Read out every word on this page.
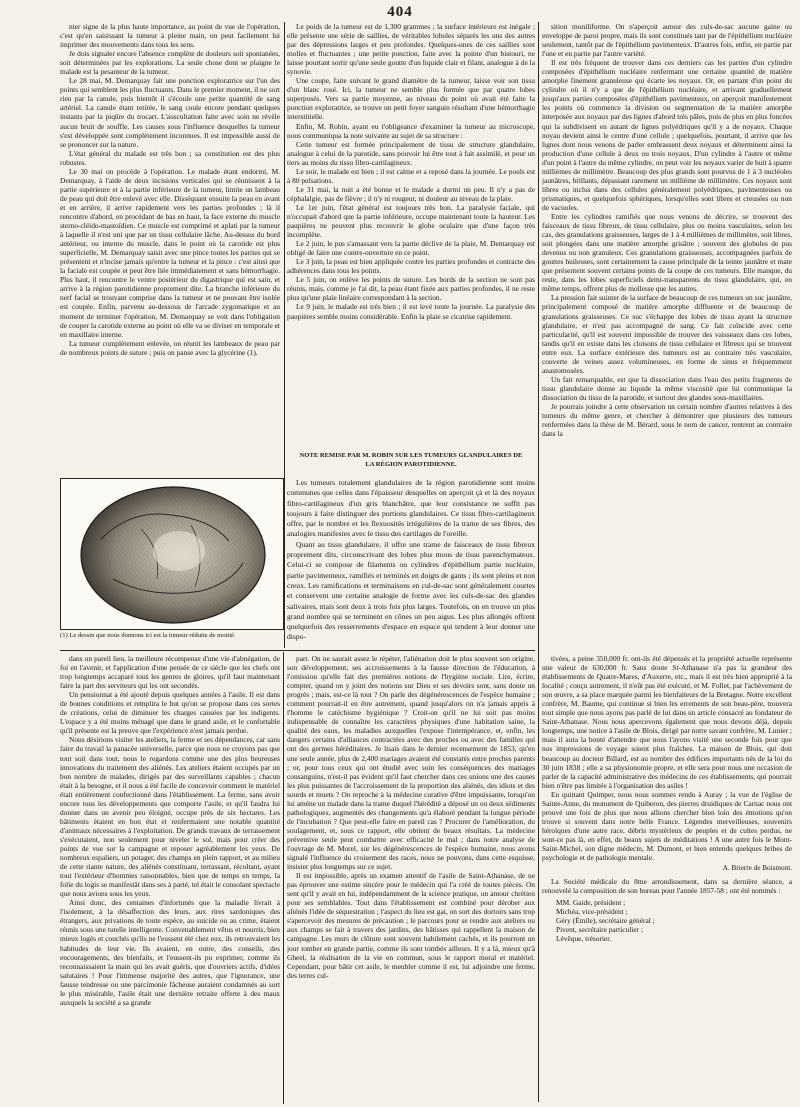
404

nier signe de la plus haute importance, au point de vue de l'opération, c'est qu'en saisissant la tumeur à pleine main, on peut facilement lui imprimer des mouvements dans tous les sens.

Je dois signaler encore l'absence complète de douleurs soit spontanées, soit déterminées par les explorations. La seule chose dont se plaigne le malade est la pesanteur de la tumeur.

Le 28 mai, M. Demarquay fait une ponction exploratrice sur l'un des points qui semblent les plus fluctuants. Dans le premier moment, il ne sort rien par la canule, puis bientôt il s'écoule une petite quantité de sang artériel. La canule étant retirée, le sang coule encore pendant quelques instants par la piqûre du trocart. L'auscultation faite avec soin ne révèle aucun bruit de souffle. Les causes sous l'influence desquelles la tumeur s'est développée sont complètement inconnues. Il est impossible aussi de se prononcer sur la nature.

L'état général du malade est très bon ; sa constitution est des plus robustes.

Le 30 mai on procède à l'opération. Le malade étant endormi, M. Demarquay, à l'aide de deux incisions verticales qui se réunissent à la partie supérieure et à la partie inférieure de la tumeur, limite un lambeau de peau qui doit être enlevé avec elle. Disséquant ensuite la peau en avant et en arrière, il arrive rapidement vers les parties profondes ; là il rencontre d'abord, en procédant de bas en haut, la face externe du muscle sterno-cléido-mastoïdien. Ce muscle est comprimé et aplati par la tumeur à laquelle il n'est uni que par un tissu cellulaire lâche. Au-dessus du bord antérieur, ou interne du muscle, dans le point où la carotide est plus superficielle, M. Demarquay saisit avec une pince toutes les parties qui se présentent et n'incise jamais qu'entre la tumeur et la pince : c'est ainsi que la faciale est coupée et peut être liée immédiatement et sans hémorrhagie. Plus haut, il rencontre le ventre postérieur du digastrique qui est sain, et arrive à la région parotidienne proprement dite. La branche inférieure du nerf facial se trouvant comprise dans la tumeur et ne pouvant être isolée est coupée. Enfin, parvenu au-dessous de l'arcade zygomatique et au moment de terminer l'opération, M. Demarquay se voit dans l'obligation de couper la carotide externe au point où elle va se diviser en temporale et en maxillaire interne.

La tumeur complètement enlevée, on réunit les lambeaux de peau par de nombreux points de suture ; puis on panse avec la glycérine (1).

(1) Le dessin que nous donnons ici est la tumeur réduite de moitié.

Le poids de la tumeur est de 1,300 grammes ; la surface intérieure est inégale ; elle présente une série de saillies, de véritables lobules séparés les uns des autres par des dépressions larges et peu profondes. Quelques-unes de ces saillies sont molles et fluctuantes ; une petite ponction, faite avec la pointe d'un bistouri, ne laisse pourtant sortir qu'une seule goutte d'un liquide clair et filant, analogue à de la synovie.

Une coupe, faite suivant le grand diamètre de la tumeur, laisse voir son tissu d'un blanc rosé. Ici, la tumeur ne semble plus formée que par quatre lobes superposés. Vers sa partie moyenne, au niveau du point où avait été faite la ponction exploratrice, se trouve un petit foyer sanguin résultant d'une hémorrhagie interstitielle.

Enfin, M. Robin, ayant eu l'obligeance d'examiner la tumeur au microscope, nous communiqua la note suivante au sujet de sa structure :

Cette tumeur est formée principalement de tissu de structure glandulaire, analogue à celui de la parotide, sans pouvoir lui être tout à fait assimilé, et pour un tiers au moins du tissu fibro-cartilagineux.

Le soir, le malade est bien ; il est calme et a reposé dans la journée. Le pouls est à 80 pulsations.

Le 31 mai, la nuit a été bonne et le malade a dormi un peu. Il n'y a pas de céphalalgie, pas de fièvre ; il n'y ni rougeur, ni douleur au niveau de la plaie.

Le 1er juin, l'état général est toujours très bon. La paralysie faciale, qui n'occupait d'abord que la partie inférieure, occupe maintenant toute la hauteur. Les paupières ne peuvent plus recouvrir le globe oculaire que d'une façon très incomplète.

Le 2 juin, le pus s'amassant vers la partie déclive de la plaie, M. Demarquay est obligé de faire une contre-ouverture en ce point.

Le 3 juin, la peau est bien appliquée contre les parties profondes et contracte des adhérences dans tous les points.

Le 5 juin, on enlève les points de suture. Les bords de la section ne sont pas réunis, mais, comme je l'ai dit, la peau étant fixée aux parties profondes, il ne reste plus qu'une plaie linéaire correspondant à la section.

Le 9 juin, le malade est très bien ; il est levé toute la journée. La paralysie des paupières semble moins considérable. Enfin la plaie se cicatrise rapidement.

NOTE REMISE PAR M. ROBIN SUR LES TUMEURS GLANDULAIRES DE
LA RÉGION PAROTIDIENNE.

Les tumeurs totalement glandulaires de la région parotidienne sont moins communes que celles dans l'épaisseur desquelles on aperçoit çà et là des noyaux fibro-cartilagineux d'un gris blanchâtre, que leur consistance ne suffit pas toujours à faire distinguer des portions glandulaires. Ce tissu fibro-cartilagineux offre, par le nombre et les flexuosités irrégulières de la trame de ses fibres, des analogies manifestes avec le tissu des cartilages de l'oreille.

Quant au tissu glandulaire, il offre une trame de faisceaux de tissu fibreux proprement dits, circonscrivant des lobes plus mous de tissu parenchymateux. Celui-ci se compose de filaments ou cylindres d'épithélium partie nucléaire, partie pavimenteux, ramifiés et terminés en doigts de gants ; ils sont pleins et non creux. Les ramifications et terminaisons en cul-de-sac sont généralement courtes et conservent une certaine analogie de forme avec les culs-de-sac des glandes salivaires, mais sont deux à trois fois plus larges. Toutefois, on en trouve un plus grand nombre qui se terminent en cônes un peu aigus. Les plus allongés offrent quelquefois des resserrements d'espace en espace qui tendent à leur donner une dispo-

sition moniliforme. On n'aperçoit autour des culs-de-sac aucune gaine ou enveloppe de paroi propre, mais ils sont constitués tant par de l'épithélium nucléaire seulement, tantôt par de l'épithélium pavimenteux. D'autres fois, enfin, en partie par l'une et en partie par l'autre variété.

Il est très fréquent de trouver dans ces derniers cas les parties d'un cylindre composées d'épithélium nucléaire renfermant une certaine quantité de matière amorphe finement granuleuse qui écarte les noyaux. Or, en partant d'un point du cylindre où il n'y a que de l'épithélium nucléaire, et arrivant graduellement jusqu'aux parties composées d'épithélium pavimenteux, on aperçoit manifestement les points où commence la division ou segmentation de la matière amorphe interposée aux noyaux par des lignes d'abord très pâles, puis de plus en plus foncées qui la subdivisent en autant de lignes polyédriques qu'il y a de noyaux. Chaque noyau devient ainsi le centre d'une cellule ; quelquefois, pourtant, il arrive que les lignes dont nous venons de parler embrassent deux noyaux et déterminent ainsi la production d'une cellule à deux ou trois noyaux. D'un cylindre à l'autre et même d'un point à l'autre du même cylindre, on peut voir les noyaux varier de huit à quatre millièmes de millimètre. Beaucoup des plus grands sont pourvus de 1 à 3 nucléoles jaunâtres, brillants, dépassant rarement un millième de millimètre. Ces noyaux sont libres ou inclus dans des cellules généralement polyédriques, pavimenteuses ou prismatiques, et quelquefois sphériques, lorsqu'elles sont libres et creusées ou non de vacuoles.

Entre les cylindres ramifiés que nous venons de décrire, se trouvent des faisceaux de tissu fibreux, de tissu cellulaire, plus ou moins vasculaires, selon les cas, des granulations graisseuses, larges de 1 à 4 millièmes de millimètre, soit libres, soit plongées dans une matière amorphe grisâtre ; souvent des globules de pus devenus ou non granuleux. Ces granulations graisseuses, accompagnées parfois de gouttes huileuses, sont certainement la cause principale de la teinte jaunâtre et mate que présentent souvent certains points de la coupe de ces tumeurs. Elle manque, du reste, dans les lobes superficiels demi-transparents du tissu glandulaire, qui, en même temps, offrent plus de mollesse que les autres.

La pression fait suinter de la surface de beaucoup de ces tumeurs un suc jaunâtre, principalement composé de matière amorphe diffluente et de beaucoup de granulations graisseuses. Ce suc s'échappe des lobes de tissu ayant la structure glandulaire, et n'est pas accompagné de sang. Ce fait coïncide avec cette particularité, qu'il est souvent impossible de trouver des vaisseaux dans ces lobes, tandis qu'il en existe dans les cloisons de tissu cellulaire et fibreux qui se trouvent entre eux. La surface extérieure des tumeurs est au contraire très vasculaire, couverte de veines assez volumineuses, en forme de sinus et fréquemment anastomosées.

Un fait remarquable, est que la dissociation dans l'eau des petits fragments de tissu glandulaire donne au liquide la même viscosité que lui communique la dissociation du tissu de la parotide, et surtout des glandes sous-maxillaires.

Je pourrais joindre à cette observation un certain nombre d'autres relatives à des tumeurs du même genre, et chercher à démontrer que plusieurs des tumeurs renfermées dans la thèse de M. Bérard, sous le nom de cancer, rentrent au contraire dans la

dans un pareil lieu, la meilleure récompense d'une vie d'abnégation, de foi en l'avenir, et l'application d'une pensée de ce siècle que les chefs ont trop longtemps accaparé tous les genres de gloires, qu'il faut maintenant faire la part des serviteurs qui les ont secondés.

Un pensionnat a été ajouté depuis quelques années à l'asile. Il est dans de bonnes conditions et remplira le but qu'on se propose dans ces sortes de créations, celui de diminuer les charges causées par les indigents. L'espace y a été moins ménagé que dans le grand asile, et le confortable qu'il présente est la preuve que l'expérience n'est jamais perdue.

Nous désirions visiter les ateliers, la ferme et ses dépendances, car sans faire du travail la panacée universelle, parce que nous ne croyons pas que tout soit dans tout, nous le regardons comme une des plus heureuses innovations du traitement des aliénés. Les ateliers étaient occupés par un bon nombre de malades, dirigés par des surveillants capables ; chacun était à la besogne, et il nous a été facile de concevoir comment le matériel était entièrement confectionné dans l'établissement. La ferme, sans avoir encore tous les développements que comporte l'asile, et qu'il faudra lui donner dans un avenir peu éloigné, occupe près de six hectares. Les bâtiments étaient en bon état et renfermaient une notable quantité d'animaux nécessaires à l'exploitation. De grands travaux de terrassement s'exécutaient, non seulement pour niveler le sol, mais pour créer des points de vue sur la campagne et reposer agréablement les yeux. De nombreux espaliers, un potager, des champs en plein rapport, et au milieu de cette riante nature, des aliénés constituant, terrassant, récoltant, ayant tout l'extérieur d'hommes raisonnables, bien que de temps en temps, la folie du logis se manifestât dans ses à parté, tel était le consolant spectacle que nous avions sous les yeux.

Ainsi donc, des centaines d'infortunés que la maladie livrait à l'isolement, à la désaffection des leurs, aux rires sardoniques des étrangers, aux privations de toute espèce, au suicide ou au crime, étaient réunis sous une tutelle intelligente. Convenablement vêtus et nourris, bien mieux logés et couchés qu'ils ne l'eussent été chez eux, ils retrouvaient les habitudes de leur vie. Ils avaient, en outre, des conseils, des encouragements, des bienfaits, et l'eussent-ils pu exprimer, comme ils reconnaissaient la main qui les avait guéris, que d'ouvriers actifs, d'idées salutaires ! Pour l'immense majorité des autres, que l'ignorance, une fausse tendresse ou une parcimonie fâcheuse auraient condamnés au sort le plus misérable, l'asile était une dernière retraite offerte à des maux auxquels la société a sa grande

part. On ne saurait assez le répéter, l'aliénation doit le plus souvent son origine, son développement, ses accroissements à la fausse direction de l'éducation, à l'omission qu'elle fait des premières notions de l'hygiène sociale. Lire, écrire, compter, quand on y joint des notions sur Dieu et ses devoirs sont, sans doute un progrès ; mais, est-ce là tout ? On parle des dégénérescences de l'espèce humaine ; comment pourrait-il en être autrement, quand jusqu'alors on n'a jamais appris à l'homme le catéchisme hygiénique ? Croit-on qu'il ne lui soit pas moins indispensable de connaître les caractères physiques d'une habitation saine, la qualité des eaux, les maladies auxquelles l'expose l'intempérance, et, enfin, les dangers certains d'alliances contractées avec des proches ou avec des familles qui ont des germes héréditaires. Je lisais dans le dernier recensement de 1853, qu'en une seule année, plus de 2,400 mariages avaient été constatés entre proches parents ; or, pour tous ceux qui ont étudié avec soin les conséquences des mariages consanguins, n'est-il pas évident qu'il faut chercher dans ces unions une des causes les plus puissantes de l'accroissement de la proportion des aliénés, des idiots et des sourds et muets ? On reproche à la médecine curative d'être impuissante, lorsqu'on lui amène un malade dans la trame duquel l'hérédité a déposé un ou deux sédiments pathologiques, augmentés des changements qu'a élaboré pendant la longue période de l'incubation ? Que peut-elle faire en pareil cas ? Procurer de l'amélioration, du soulagement, et, sous ce rapport, elle obtient de beaux résultats. La médecine préventive seule peut combattre avec efficacité le mal ; dans notre analyse de l'ouvrage de M. Morel, sur les dégénérescences de l'espèce humaine, nous avons signalé l'influence du croisement des races, nous ne pouvons, dans cette esquisse, insister plus longtemps sur ce sujet.

Il est impossible, après un examen attentif de l'asile de Saint-Athanase, de ne pas éprouver une estime sincère pour le médecin qui l'a créé de toutes pièces. On sent qu'il y avait en lui, indépendamment de la science pratique, un amour chrétien pour ses semblables. Tout dans l'établissement est combiné pour dérober aux aliénés l'idée de séquestration ; l'aspect du lieu est gai, on sort des dortoirs sans trop s'apercevoir des mesures de précaution ; le parcours pour se rendre aux ateliers ou aux champs se fait à travers des jardins, des bâtisses qui rappellent la maison de campagne. Les murs de clôture sont souvent habilement cachés, et ils pourront un jour tomber en grande partie, comme ils sont tombés ailleurs. Il y a là, mieux qu'à Gheel, la réalisation de la vie en commun, sous le rapport moral et matériel. Cependant, pour bâtir cet asile, le meubler comme il est, lui adjoindre une ferme, des terres cul-

tivées, a peine 350,000 fr. ont-ils été dépensés et la propriété actuelle représente une valeur de 630,000 fr. Sans doute St-Athanase n'a pas la grandeur des établissements de Quatre-Mares, d'Auxerre, etc., mais il est très bien approprié à la localité ; conçu autrement, il n'eût pas été exécuté, et M. Follet, par l'achèvement de son œuvre, a sa place marquée parmi les bienfaiteurs de la Bretagne. Notre excellent confrère, M. Baume, qui continue si bien les errements de son beau-père, trouvera tout simple que nous ayons pas parlé de lui dans un article consacré au fondateur de Saint-Athanase. Nous nous apercevons également que nous devons déjà, depuis longtemps, une notice à l'asile de Blois, dirigé par notre savant confrère, M. Lunier ; mais il aura la bonté d'attendre que nous l'ayons visité une seconde fois pour que nos impressions de voyage soient plus fraîches. La maison de Blois, qui doit beaucoup au docteur Billard, est au nombre des édifices importants nés de la loi du 30 juin 1838 ; elle a sa physionomie propre, et elle sera pour nous une occasion de parler de la capacité administrative des médecins de ces établissements, qui pourrait bien n'être pas limitée à l'organisation des asiles !

En quittant Quimper, nous nous sommes rendu à Auray ; la vue de l'église de Sainte-Anne, du monument de Quiberon, des pierres druidiques de Carnac nous ont prouvé une fois de plus que nous allions chercher bien loin des émotions qu'on trouve si souvent dans notre belle France. Légendes merveilleuses, souvenirs héroïques d'une autre race, débris mystérieux de peuples et de cultes perdus, ne sont-ce pas là, en effet, de beaux sujets de méditations ! A une autre fois le Mont-Saint-Michel, son digne médecin, M. Dumont, et bien entendu quelques bribes de psychologie et de pathologie mentale.

A. Brierre de Boismont.

La Société médicale du 8me arrondissement, dans sa dernière séance, a renouvelé la composition de son bureau pour l'année 1857-58 ; ont été nommés :

MM. Gaide, président ;
Michéa, vice-président ;
Géry (Émile), secrétaire général ;
Pivent, secrétaire particulier ;
Lévêque, trésorier.
